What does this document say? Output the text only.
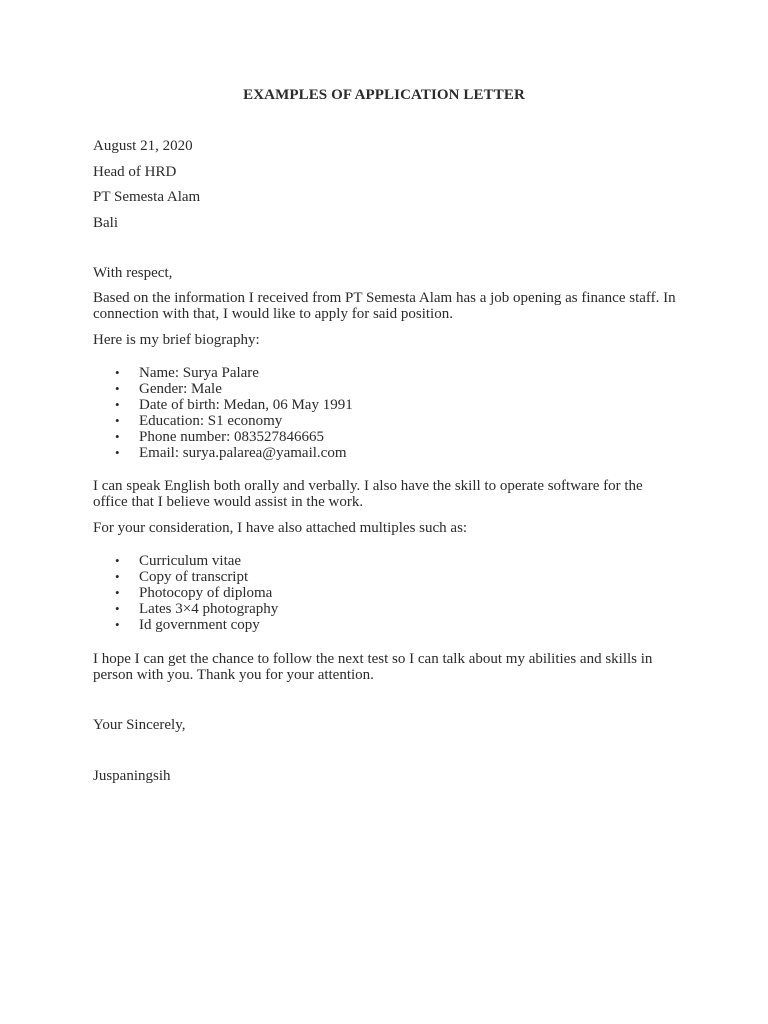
EXAMPLES OF APPLICATION LETTER
August 21, 2020
Head of HRD
PT Semesta Alam
Bali
With respect,
Based on the information I received from PT Semesta Alam has a job opening as finance staff. In
connection with that, I would like to apply for said position.
Here is my brief biography:
• Name: Surya Palare
• Gender: Male
• Date of birth: Medan, 06 May 1991
• Education: S1 economy
• Phone number: 083527846665
• Email: surya.palarea@yamail.com
I can speak English both orally and verbally. I also have the skill to operate software for the
office that I believe would assist in the work.
For your consideration, I have also attached multiples such as:
• Curriculum vitae
• Copy of transcript
• Photocopy of diploma
• Lates 3×4 photography
• Id government copy
I hope I can get the chance to follow the next test so I can talk about my abilities and skills in
person with you. Thank you for your attention.
Your Sincerely,
Juspaningsih
